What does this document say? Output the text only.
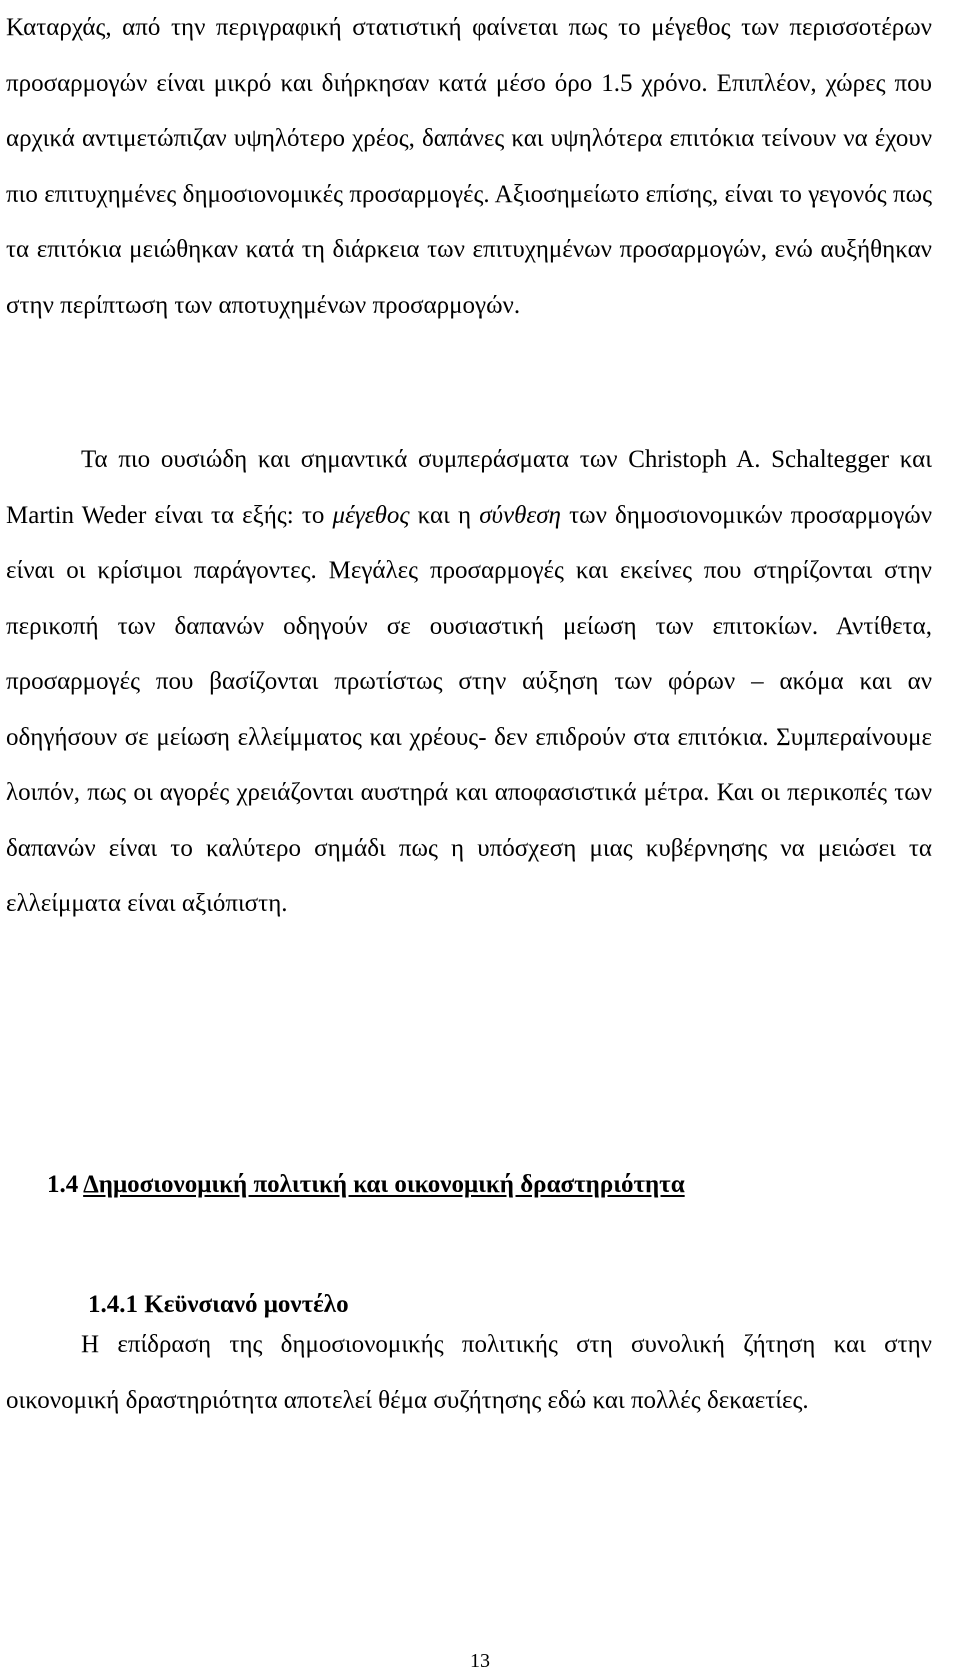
Καταρχάς, από την περιγραφική στατιστική φαίνεται πως το μέγεθος των περισσοτέρων προσαρμογών είναι μικρό και διήρκησαν κατά μέσο όρο 1.5 χρόνο. Επιπλέον, χώρες που αρχικά αντιμετώπιζαν υψηλότερο χρέος, δαπάνες και υψηλότερα επιτόκια τείνουν να έχουν πιο επιτυχημένες δημοσιονομικές προσαρμογές. Αξιοσημείωτο επίσης, είναι το γεγονός πως τα επιτόκια μειώθηκαν κατά τη διάρκεια των επιτυχημένων προσαρμογών, ενώ αυξήθηκαν στην περίπτωση των αποτυχημένων προσαρμογών.

Τα πιο ουσιώδη και σημαντικά συμπεράσματα των Christoph A. Schaltegger και Martin Weder είναι τα εξής: το μέγεθος και η σύνθεση των δημοσιονομικών προσαρμογών είναι οι κρίσιμοι παράγοντες. Μεγάλες προσαρμογές και εκείνες που στηρίζονται στην περικοπή των δαπανών οδηγούν σε ουσιαστική μείωση των επιτοκίων. Αντίθετα, προσαρμογές που βασίζονται πρωτίστως στην αύξηση των φόρων – ακόμα και αν οδηγήσουν σε μείωση ελλείμματος και χρέους- δεν επιδρούν στα επιτόκια. Συμπεραίνουμε λοιπόν, πως οι αγορές χρειάζονται αυστηρά και αποφασιστικά μέτρα. Και οι περικοπές των δαπανών είναι το καλύτερο σημάδι πως η υπόσχεση μιας κυβέρνησης να μειώσει τα ελλείμματα είναι αξιόπιστη.

1.4 Δημοσιονομική πολιτική και οικονομική δραστηριότητα
1.4.1 Κεϋνσιανό μοντέλο

Η επίδραση της δημοσιονομικής πολιτικής στη συνολική ζήτηση και στην οικονομική δραστηριότητα αποτελεί θέμα συζήτησης εδώ και πολλές δεκαετίες.

13
